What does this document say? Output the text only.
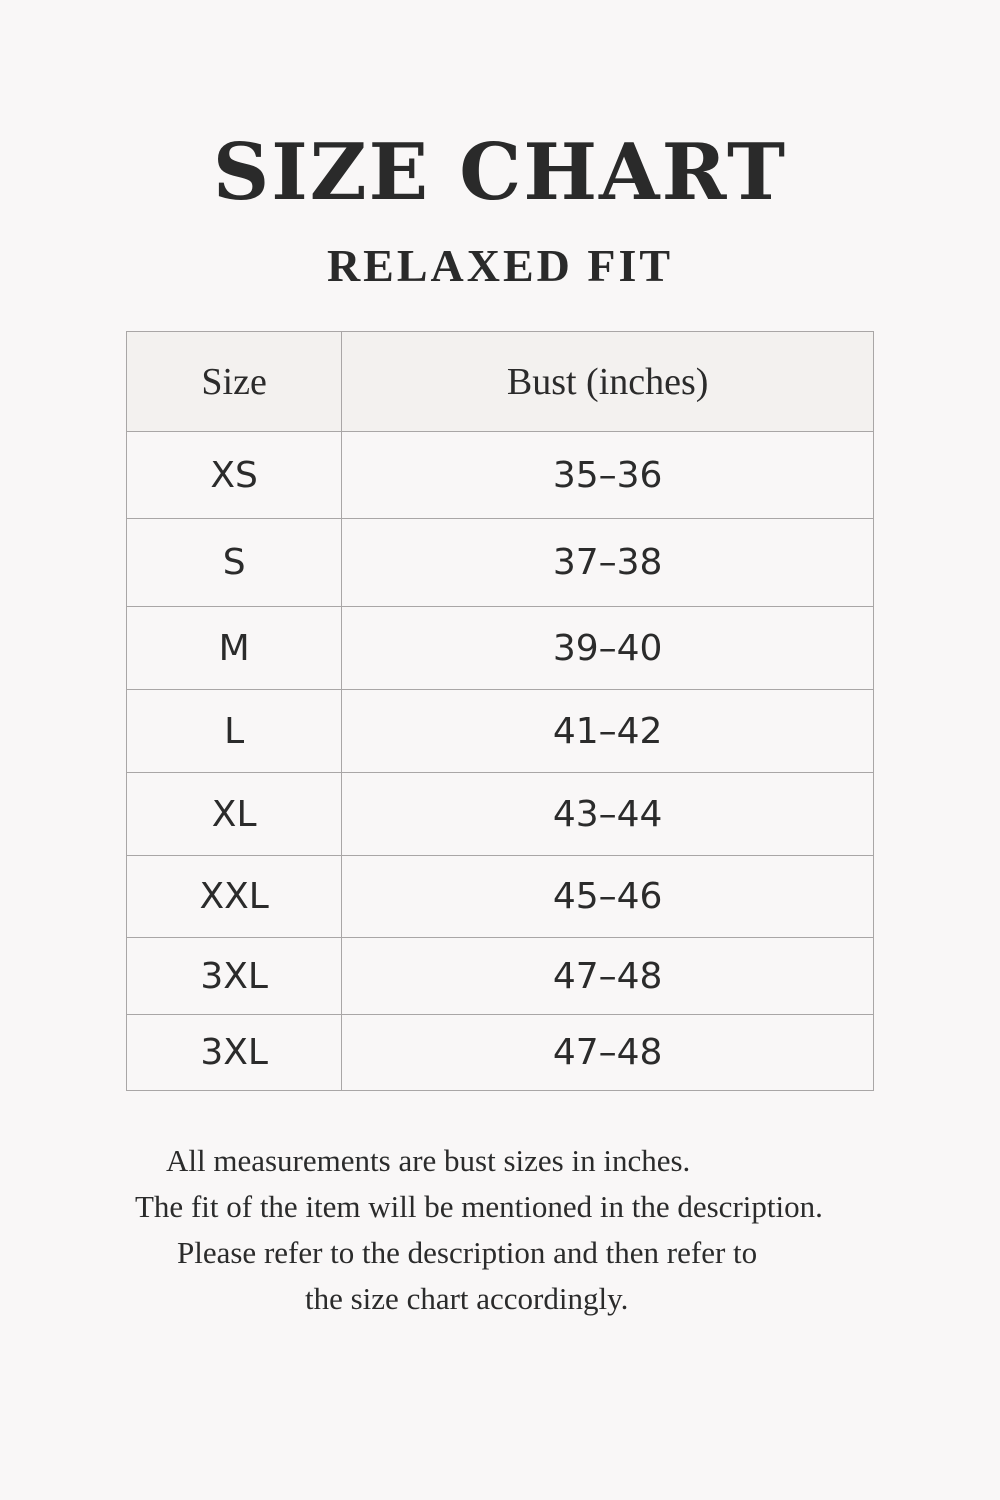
SIZE CHART
RELAXED FIT
Size	Bust (inches)
XS	35–36
S	37–38
M	39–40
L	41–42
XL	43–44
XXL	45–46
3XL	47–48
3XL	47–48

All measurements are bust sizes in inches.

The fit of the item will be mentioned in the description.

Please refer to the description and then refer to

the size chart accordingly.
